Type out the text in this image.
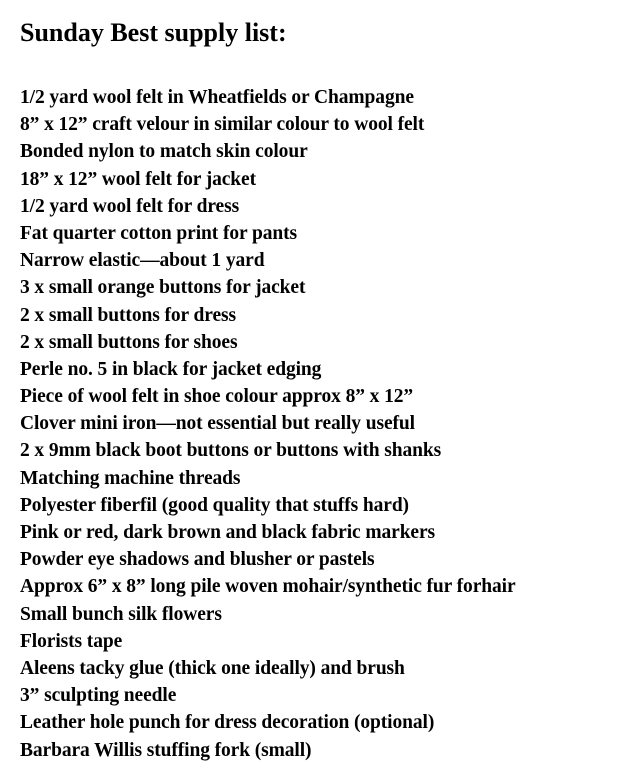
Sunday Best supply list:
1/2 yard wool felt in Wheatfields or Champagne
8” x 12” craft velour in similar colour to wool felt
Bonded nylon to match skin colour
18” x 12” wool felt for jacket
1/2 yard wool felt for dress
Fat quarter cotton print for pants
Narrow elastic—about 1 yard
3 x small orange buttons for jacket
2 x small buttons for dress
2 x small buttons for shoes
Perle no. 5 in black for jacket edging
Piece of wool felt in shoe colour approx 8” x 12”
Clover mini iron—not essential but really useful
2 x 9mm black boot buttons or buttons with shanks
Matching machine threads
Polyester fiberfil (good quality that stuffs hard)
Pink or red, dark brown and black fabric markers
Powder eye shadows and blusher or pastels
Approx 6” x 8” long pile woven mohair/synthetic fur forhair
Small bunch silk flowers
Florists tape
Aleens tacky glue (thick one ideally) and brush
3” sculpting needle
Leather hole punch for dress decoration (optional)
Barbara Willis stuffing fork (small)
